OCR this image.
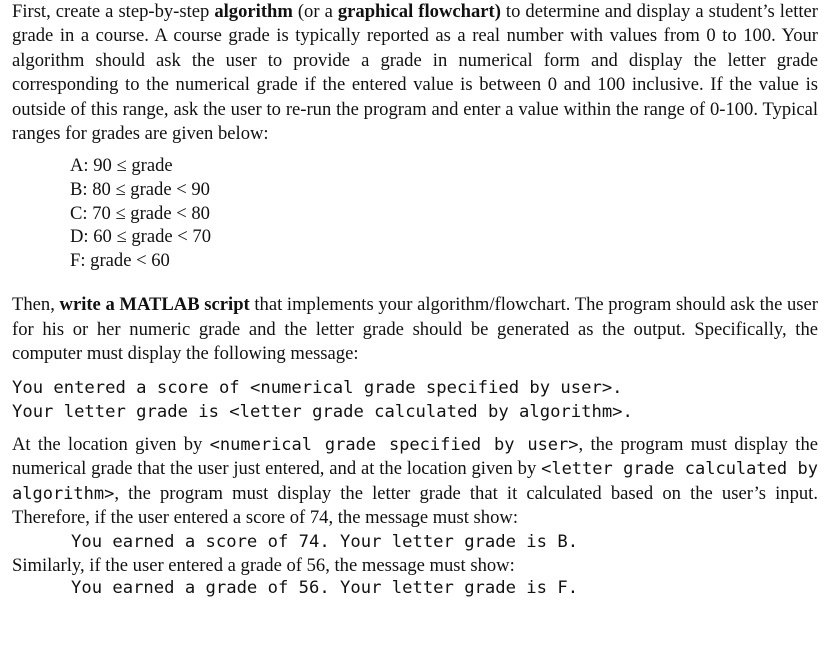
First, create a step-by-step algorithm (or a graphical flowchart) to determine and display a student’s letter grade in a course. A course grade is typically reported as a real number with values from 0 to 100. Your algorithm should ask the user to provide a grade in numerical form and display the letter grade corresponding to the numerical grade if the entered value is between 0 and 100 inclusive. If the value is outside of this range, ask the user to re-run the program and enter a value within the range of 0-100. Typical ranges for grades are given below:

A: 90 ≤ grade
B: 80 ≤ grade < 90
C: 70 ≤ grade < 80
D: 60 ≤ grade < 70
F: grade < 60

Then, write a MATLAB script that implements your algorithm/flowchart. The program should ask the user for his or her numeric grade and the letter grade should be generated as the output. Specifically, the computer must display the following message:

You entered a score of <numerical grade specified by user>.
Your letter grade is <letter grade calculated by algorithm>.

At the location given by <numerical grade specified by user>, the program must display the numerical grade that the user just entered, and at the location given by <letter grade calculated by algorithm>, the program must display the letter grade that it calculated based on the user’s input. Therefore, if the user entered a score of 74, the message must show:

You earned a score of 74. Your letter grade is B.
Similarly, if the user entered a grade of 56, the message must show:
You earned a grade of 56. Your letter grade is F.
